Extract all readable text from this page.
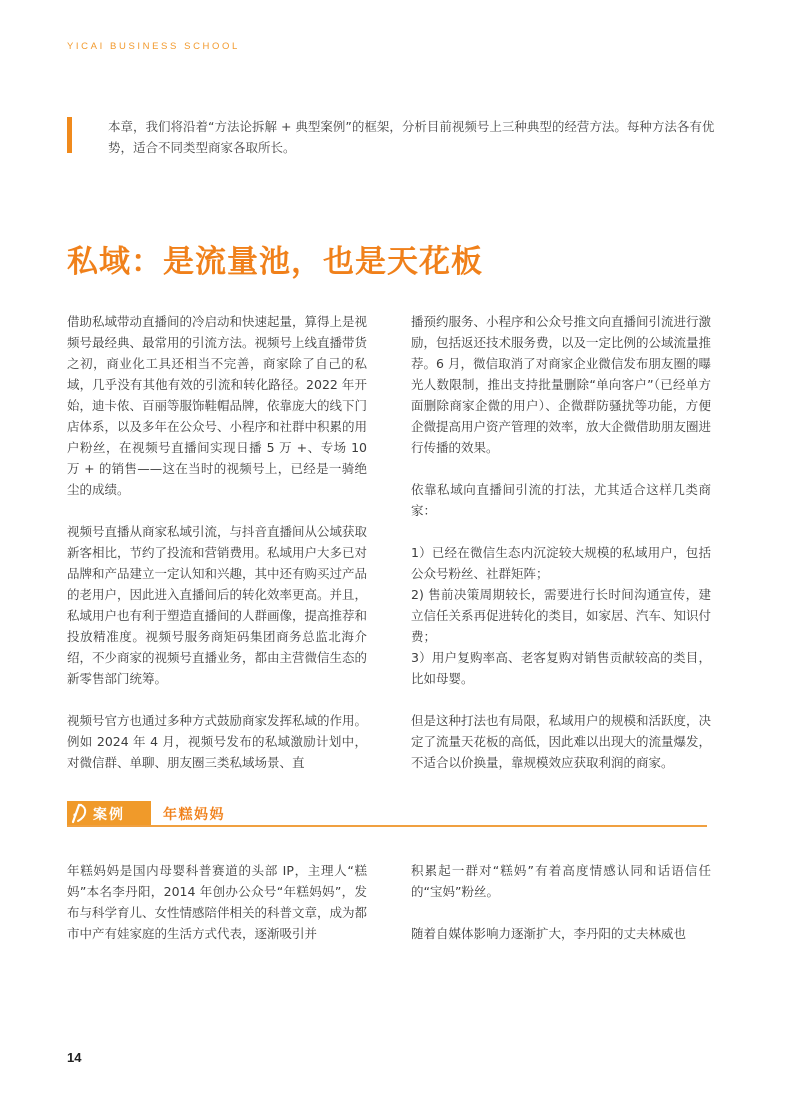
YICAI BUSINESS SCHOOL
本章，我们将沿着“方法论拆解 + 典型案例”的框架，分析目前视频号上三种典型的经营方法。每种方法各有优势，适合不同类型商家各取所长。
私域：是流量池，也是天花板

借助私域带动直播间的冷启动和快速起量，算得上是视频号最经典、最常用的引流方法。视频号上线直播带货之初，商业化工具还相当不完善，商家除了自己的私域，几乎没有其他有效的引流和转化路径。2022 年开始，迪卡侬、百丽等服饰鞋帽品牌，依靠庞大的线下门店体系，以及多年在公众号、小程序和社群中积累的用户粉丝，在视频号直播间实现日播 5 万 +、专场 10 万 + 的销售——这在当时的视频号上，已经是一骑绝尘的成绩。

视频号直播从商家私域引流，与抖音直播间从公域获取新客相比，节约了投流和营销费用。私域用户大多已对品牌和产品建立一定认知和兴趣，其中还有购买过产品的老用户，因此进入直播间后的转化效率更高。并且，私域用户也有利于塑造直播间的人群画像，提高推荐和投放精准度。视频号服务商矩码集团商务总监北海介绍，不少商家的视频号直播业务，都由主营微信生态的新零售部门统筹。

视频号官方也通过多种方式鼓励商家发挥私域的作用。例如 2024 年 4 月，视频号发布的私域激励计划中，对微信群、单聊、朋友圈三类私域场景、直

播预约服务、小程序和公众号推文向直播间引流进行激励，包括返还技术服务费，以及一定比例的公域流量推荐。6 月，微信取消了对商家企业微信发布朋友圈的曝光人数限制，推出支持批量删除“单向客户”（已经单方面删除商家企微的用户）、企微群防骚扰等功能，方便企微提高用户资产管理的效率，放大企微借助朋友圈进行传播的效果。

依靠私域向直播间引流的打法，尤其适合这样几类商家：

1）已经在微信生态内沉淀较大规模的私域用户，包括公众号粉丝、社群矩阵；

2) 售前决策周期较长，需要进行长时间沟通宣传，建立信任关系再促进转化的类目，如家居、汽车、知识付费；

3）用户复购率高、老客复购对销售贡献较高的类目，比如母婴。

但是这种打法也有局限，私域用户的规模和活跃度，决定了流量天花板的高低，因此难以出现大的流量爆发，不适合以价换量，靠规模效应获取利润的商家。

案例	年糕妈妈

年糕妈妈是国内母婴科普赛道的头部 IP，主理人“糕妈”本名李丹阳，2014 年创办公众号“年糕妈妈”，发布与科学育儿、女性情感陪伴相关的科普文章，成为都市中产有娃家庭的生活方式代表，逐渐吸引并

积累起一群对“糕妈”有着高度情感认同和话语信任的“宝妈”粉丝。

随着自媒体影响力逐渐扩大，李丹阳的丈夫林威也

14
